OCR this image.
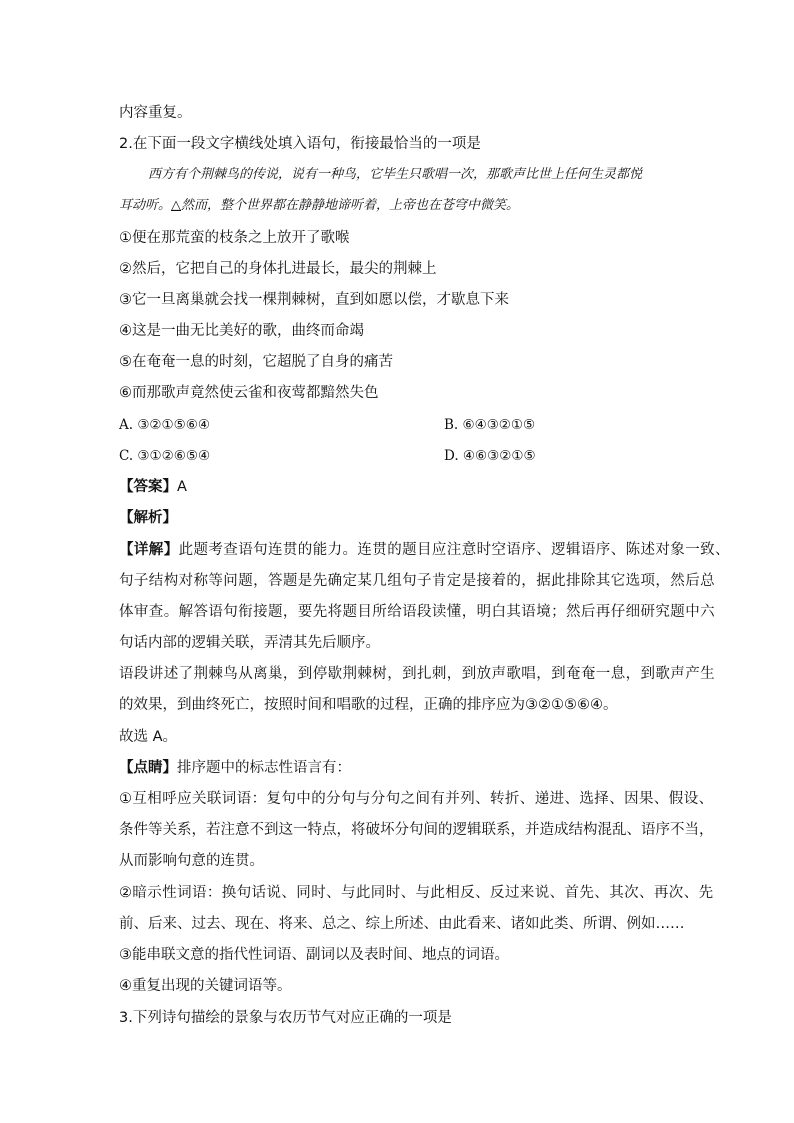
内容重复。
2.在下面一段文字横线处填入语句，衔接最恰当的一项是
西方有个荆棘鸟的传说，说有一种鸟，它毕生只歌唱一次，那歌声比世上任何生灵都悦
耳动听。△然而，整个世界都在静静地谛听着，上帝也在苍穹中微笑。
①便在那荒蛮的枝条之上放开了歌喉
②然后，它把自己的身体扎进最长，最尖的荆棘上
③它一旦离巢就会找一棵荆棘树，直到如愿以偿，才歇息下来
④这是一曲无比美好的歌，曲终而命竭
⑤在奄奄一息的时刻，它超脱了自身的痛苦
⑥而那歌声竟然使云雀和夜莺都黯然失色
A. ③②①⑤⑥④	B. ⑥④③②①⑤
C. ③①②⑥⑤④	D. ④⑥③②①⑤
【答案】A
【解析】
【详解】此题考查语句连贯的能力。连贯的题目应注意时空语序、逻辑语序、陈述对象一致、
句子结构对称等问题，答题是先确定某几组句子肯定是接着的，据此排除其它选项，然后总
体审查。解答语句衔接题，要先将题目所给语段读懂，明白其语境；然后再仔细研究题中六
句话内部的逻辑关联，弄清其先后顺序。
语段讲述了荆棘鸟从离巢，到停歇荆棘树，到扎刺，到放声歌唱，到奄奄一息，到歌声产生
的效果，到曲终死亡，按照时间和唱歌的过程，正确的排序应为③②①⑤⑥④。
故选 A。
【点睛】排序题中的标志性语言有：
①互相呼应关联词语：复句中的分句与分句之间有并列、转折、递进、选择、因果、假设、
条件等关系，若注意不到这一特点，将破坏分句间的逻辑联系，并造成结构混乱、语序不当，
从而影响句意的连贯。
②暗示性词语：换句话说、同时、与此同时、与此相反、反过来说、首先、其次、再次、先
前、后来、过去、现在、将来、总之、综上所述、由此看来、诸如此类、所谓、例如……
③能串联文意的指代性词语、副词以及表时间、地点的词语。
④重复出现的关键词语等。
3.下列诗句描绘的景象与农历节气对应正确的一项是
